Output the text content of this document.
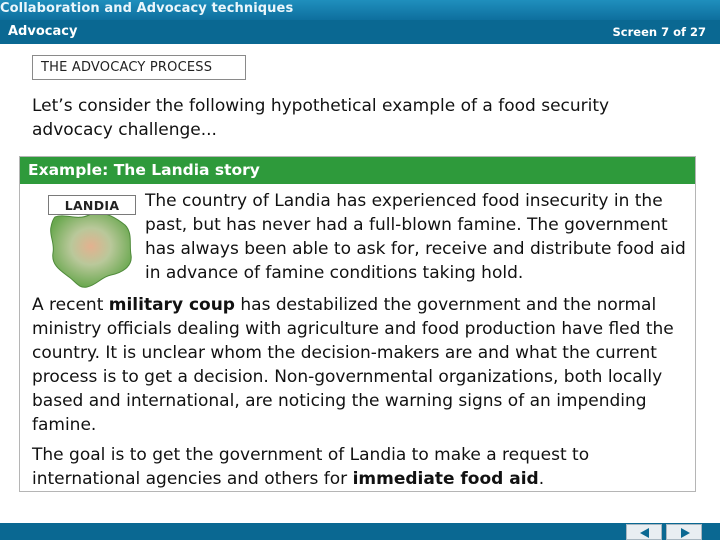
Collaboration and Advocacy techniques
Advocacy	Screen 7 of 27
THE ADVOCACY PROCESS

Let’s consider the following hypothetical example of a food security advocacy challenge...

Example: The Landia story
LANDIA	The country of Landia has experienced food insecurity in the past, but has never had a full-blown famine. The government has always been able to ask for, receive and distribute food aid in advance of famine conditions taking hold.

A recent military coup has destabilized the government and the normal ministry officials dealing with agriculture and food production have fled the country. It is unclear whom the decision-makers are and what the current process is to get a decision. Non-governmental organizations, both locally based and international, are noticing the warning signs of an impending famine.

The goal is to get the government of Landia to make a request to international agencies and others for immediate food aid.
